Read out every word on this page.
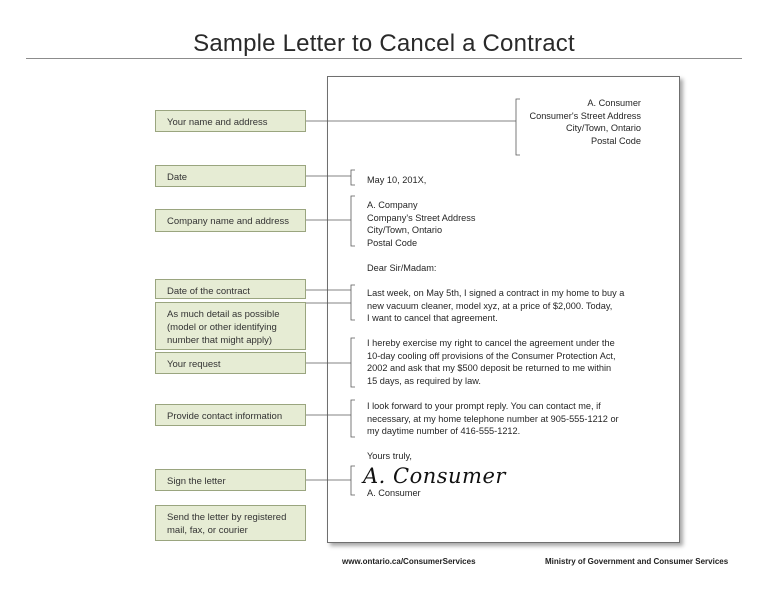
Sample Letter to Cancel a Contract
Your name and address
Date
Company name and address
Date of the contract
As much detail as possible
(model or other identifying
number that might apply)
Your request
Provide contact information
Sign the letter
Send the letter by registered
mail, fax, or courier
A. Consumer
Consumer's Street Address
City/Town, Ontario
Postal Code
May 10, 201X,
A. Company
Company's Street Address
City/Town, Ontario
Postal Code
Dear Sir/Madam:
Last week, on May 5th, I signed a contract in my home to buy a
new vacuum cleaner, model xyz, at a price of $2,000. Today,
I want to cancel that agreement.
I hereby exercise my right to cancel the agreement under the
10-day cooling off provisions of the Consumer Protection Act,
2002 and ask that my $500 deposit be returned to me within
15 days, as required by law.
I look forward to your prompt reply. You can contact me, if
necessary, at my home telephone number at 905-555-1212 or
my daytime number of 416-555-1212.
Yours truly,
A. Consumer
A. Consumer
www.ontario.ca/ConsumerServices	Ministry of Government and Consumer Services
